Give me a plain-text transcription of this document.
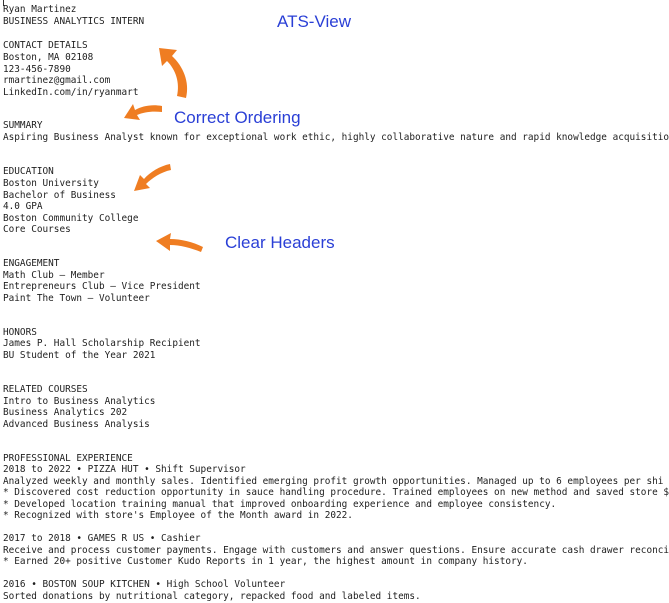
Ryan Martinez
BUSINESS ANALYTICS INTERN
CONTACT DETAILS
Boston, MA 02108
123-456-7890
rmartinez@gmail.com
LinkedIn.com/in/ryanmart
SUMMARY
Aspiring Business Analyst known for exceptional work ethic, highly collaborative nature and rapid knowledge acquisitio
EDUCATION
Boston University
Bachelor of Business
4.0 GPA
Boston Community College
Core Courses
ENGAGEMENT
Math Club – Member
Entrepreneurs Club – Vice President
Paint The Town – Volunteer
HONORS
James P. Hall Scholarship Recipient
BU Student of the Year 2021
RELATED COURSES
Intro to Business Analytics
Business Analytics 202
Advanced Business Analysis
PROFESSIONAL EXPERIENCE
2018 to 2022 • PIZZA HUT • Shift Supervisor
Analyzed weekly and monthly sales. Identified emerging profit growth opportunities. Managed up to 6 employees per shi
* Discovered cost reduction opportunity in sauce handling procedure. Trained employees on new method and saved store $
* Developed location training manual that improved onboarding experience and employee consistency.
* Recognized with store's Employee of the Month award in 2022.
2017 to 2018 • GAMES R US • Cashier
Receive and process customer payments. Engage with customers and answer questions. Ensure accurate cash drawer reconci
* Earned 20+ positive Customer Kudo Reports in 1 year, the highest amount in company history.
2016 • BOSTON SOUP KITCHEN • High School Volunteer
Sorted donations by nutritional category, repacked food and labeled items.
ATS-View
Correct Ordering
Clear Headers
